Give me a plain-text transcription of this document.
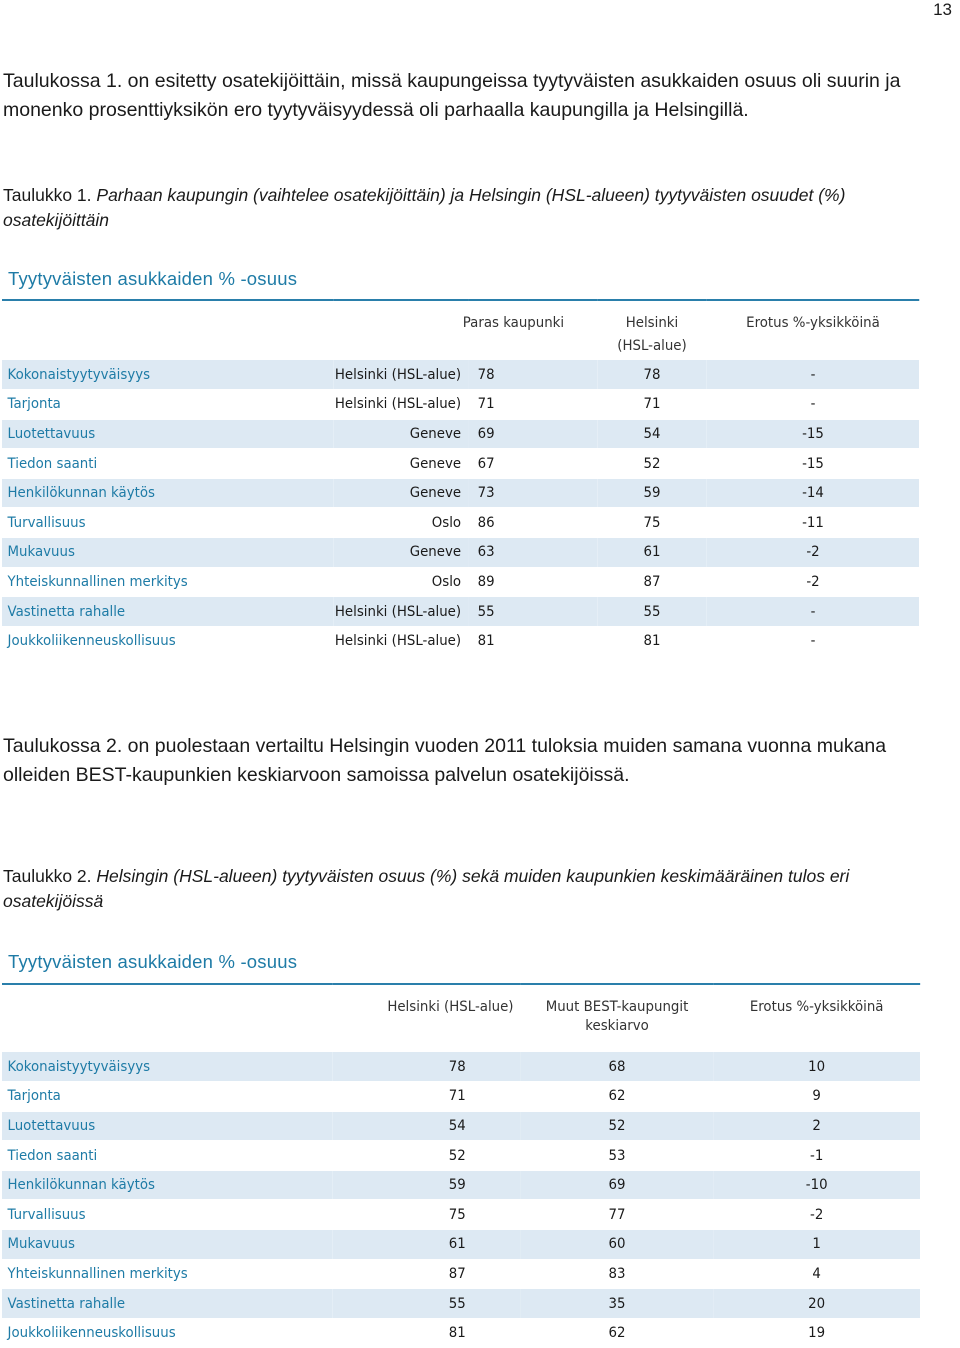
13

Taulukossa 1. on esitetty osatekijöittäin, missä kaupungeissa tyytyväisten asukkaiden osuus oli suurin ja monenko prosenttiyksikön ero tyytyväisyydessä oli parhaalla kaupungilla ja Helsingillä.

Taulukko 1. Parhaan kaupungin (vaihtelee osatekijöittäin) ja Helsingin (HSL-alueen) tyytyväisten osuudet (%) osatekijöittäin

Tyytyväisten asukkaiden % -osuus
	Paras kaupunki		Helsinki	Erotus %-yksikköinä
			(HSL-alue)	
Kokonaistyytyväisyys	Helsinki (HSL-alue)	78	78	-
Tarjonta	Helsinki (HSL-alue)	71	71	-
Luotettavuus	Geneve	69	54	-15
Tiedon saanti	Geneve	67	52	-15
Henkilökunnan käytös	Geneve	73	59	-14
Turvallisuus	Oslo	86	75	-11
Mukavuus	Geneve	63	61	-2
Yhteiskunnallinen merkitys	Oslo	89	87	-2
Vastinetta rahalle	Helsinki (HSL-alue)	55	55	-
Joukkoliikenneuskollisuus	Helsinki (HSL-alue)	81	81	-

Taulukossa 2. on puolestaan vertailtu Helsingin vuoden 2011 tuloksia muiden samana vuonna mukana olleiden BEST-kaupunkien keskiarvoon samoissa palvelun osatekijöissä.

Taulukko 2. Helsingin (HSL-alueen) tyytyväisten osuus (%) sekä muiden kaupunkien keskimääräinen tulos eri osatekijöissä

Tyytyväisten asukkaiden % -osuus
	Helsinki (HSL-alue)	Muut BEST-kaupungit	Erotus %-yksikköinä
		keskiarvo	
Kokonaistyytyväisyys	78	68	10
Tarjonta	71	62	9
Luotettavuus	54	52	2
Tiedon saanti	52	53	-1
Henkilökunnan käytös	59	69	-10
Turvallisuus	75	77	-2
Mukavuus	61	60	1
Yhteiskunnallinen merkitys	87	83	4
Vastinetta rahalle	55	35	20
Joukkoliikenneuskollisuus	81	62	19
